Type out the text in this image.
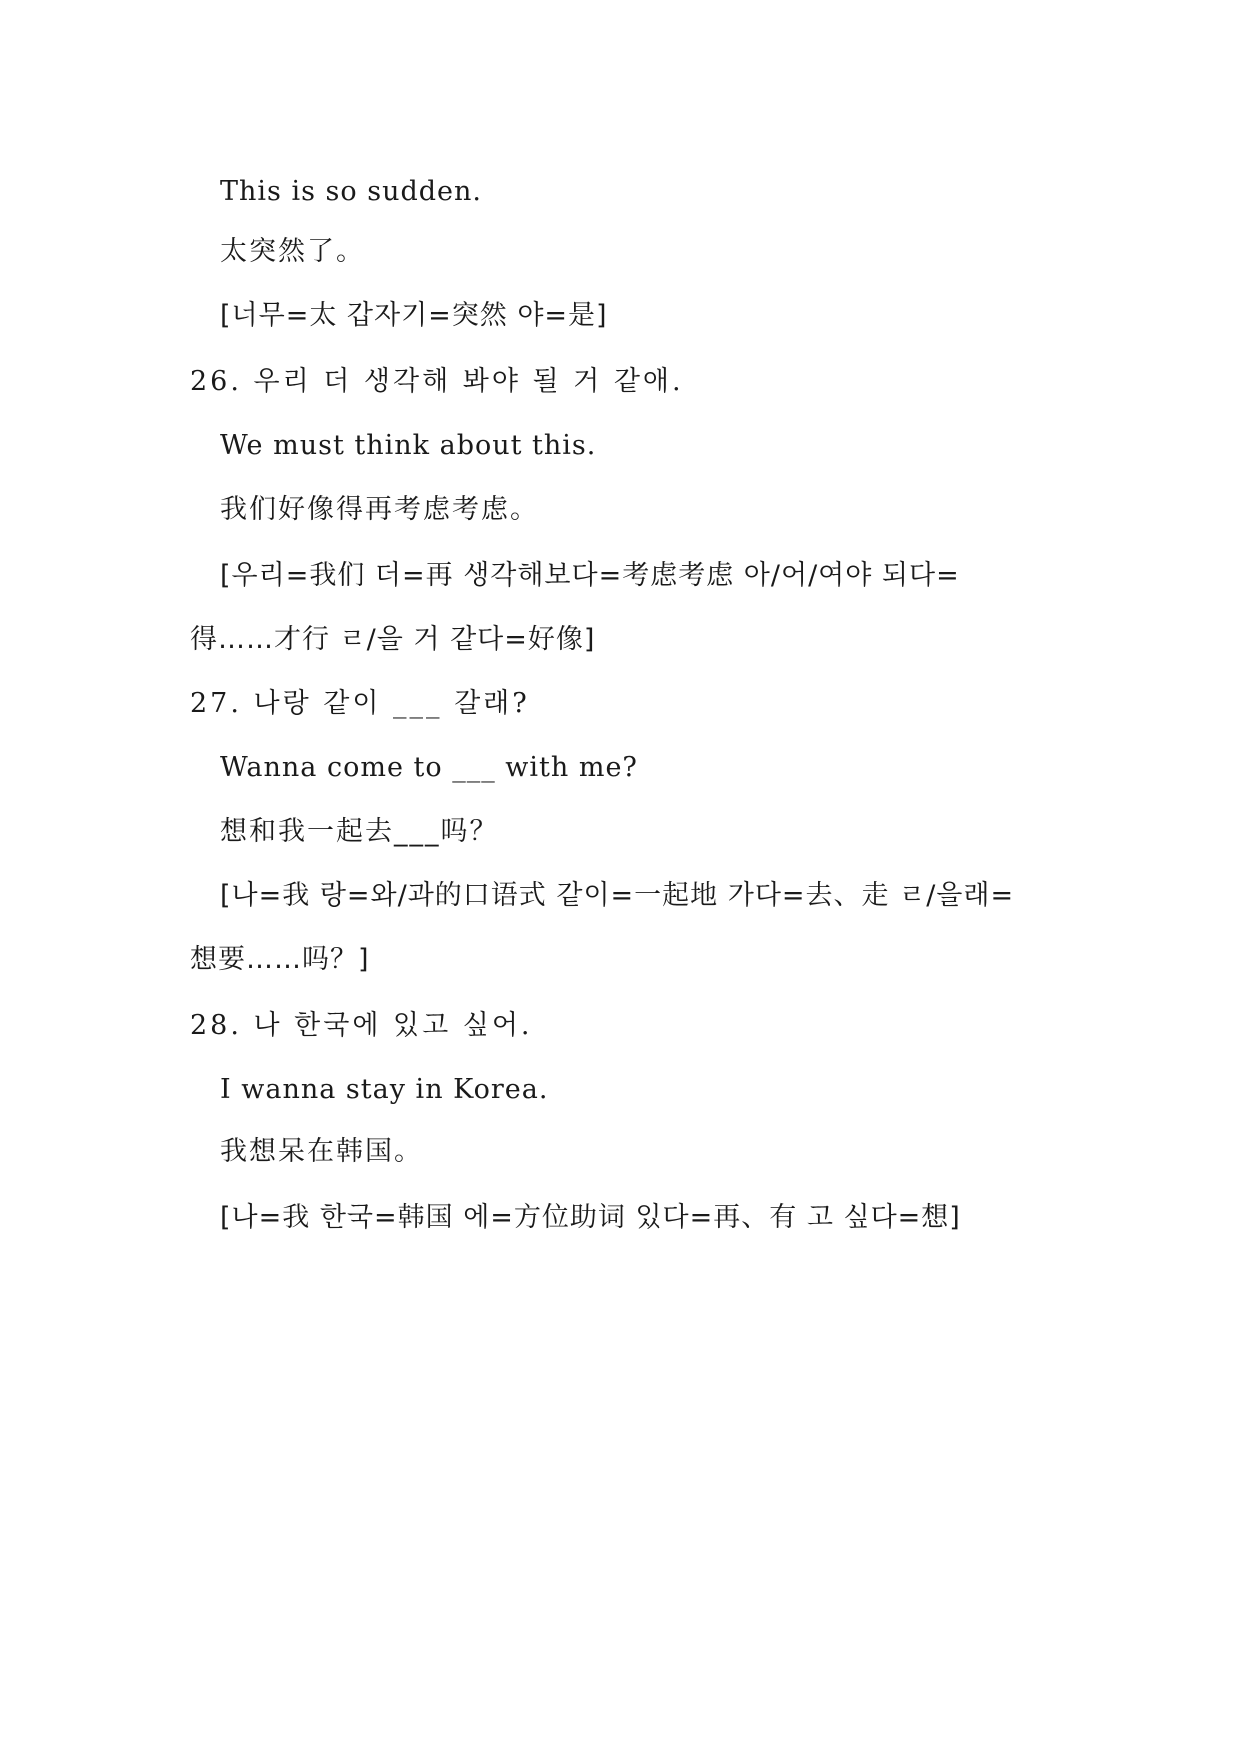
This is so sudden.
太突然了。
[너무=太 갑자기=突然 야=是]
26. 우리 더 생각해 봐야 될 거 같애.
We must think about this.
我们好像得再考虑考虑。
[우리=我们 더=再 생각해보다=考虑考虑 아/어/여야 되다=
得……才行 ㄹ/을 거 같다=好像]
27. 나랑 같이 ___ 갈래?
Wanna come to ___ with me?
想和我一起去___吗？
[나=我 랑=와/과的口语式 같이=一起地 가다=去、走 ㄹ/을래=
想要……吗？]
28. 나 한국에 있고 싶어.
I wanna stay in Korea.
我想呆在韩国。
[나=我 한국=韩国 에=方位助词 있다=再、有 고 싶다=想]
